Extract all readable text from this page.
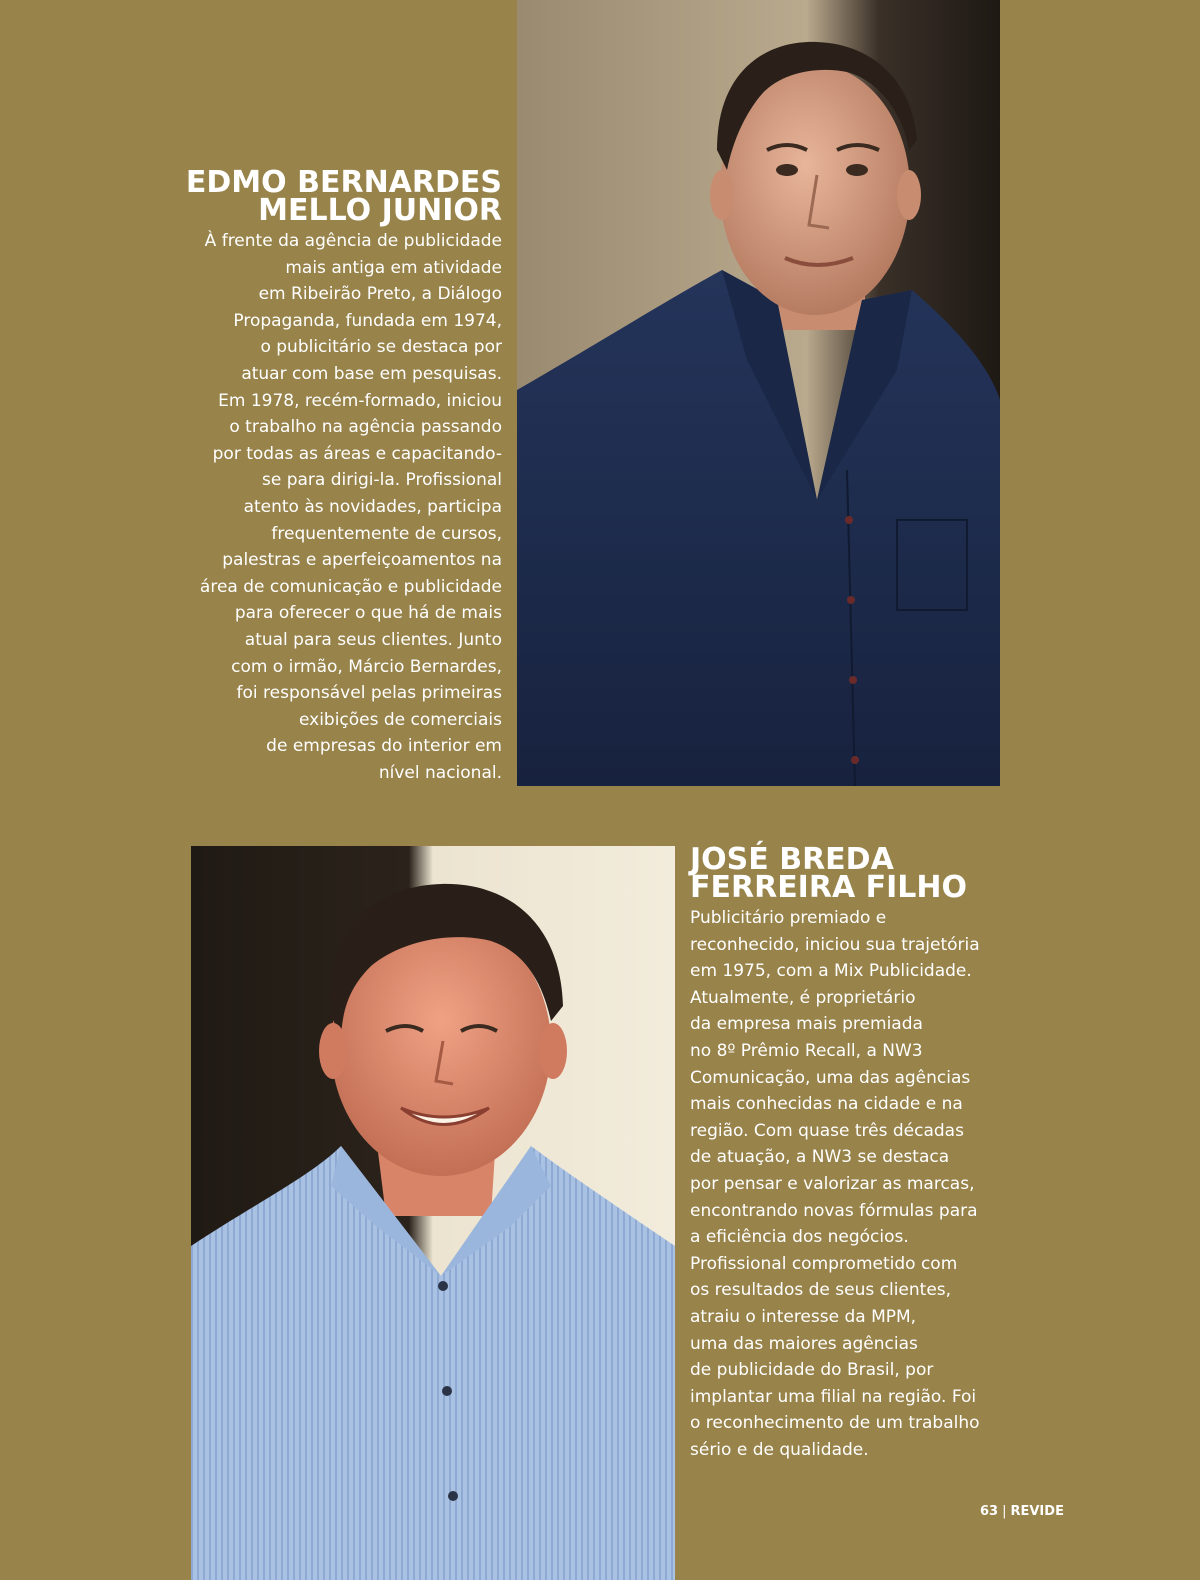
EDMO BERNARDES
MELLO JUNIOR

À frente da agência de publicidade
mais antiga em atividade
em Ribeirão Preto, a Diálogo
Propaganda, fundada em 1974,
o publicitário se destaca por
atuar com base em pesquisas.
Em 1978, recém-formado, iniciou
o trabalho na agência passando
por todas as áreas e capacitando-
se para dirigi-la. Profissional
atento às novidades, participa
frequentemente de cursos,
palestras e aperfeiçoamentos na
área de comunicação e publicidade
para oferecer o que há de mais
atual para seus clientes. Junto
com o irmão, Márcio Bernardes,
foi responsável pelas primeiras
exibições de comerciais
de empresas do interior em
nível nacional.

JOSÉ BREDA
FERREIRA FILHO

Publicitário premiado e
reconhecido, iniciou sua trajetória
em 1975, com a Mix Publicidade.
Atualmente, é proprietário
da empresa mais premiada
no 8º Prêmio Recall, a NW3
Comunicação, uma das agências
mais conhecidas na cidade e na
região. Com quase três décadas
de atuação, a NW3 se destaca
por pensar e valorizar as marcas,
encontrando novas fórmulas para
a eficiência dos negócios.
Profissional comprometido com
os resultados de seus clientes,
atraiu o interesse da MPM,
uma das maiores agências
de publicidade do Brasil, por
implantar uma filial na região. Foi
o reconhecimento de um trabalho
sério e de qualidade.

63 | REVIDE
